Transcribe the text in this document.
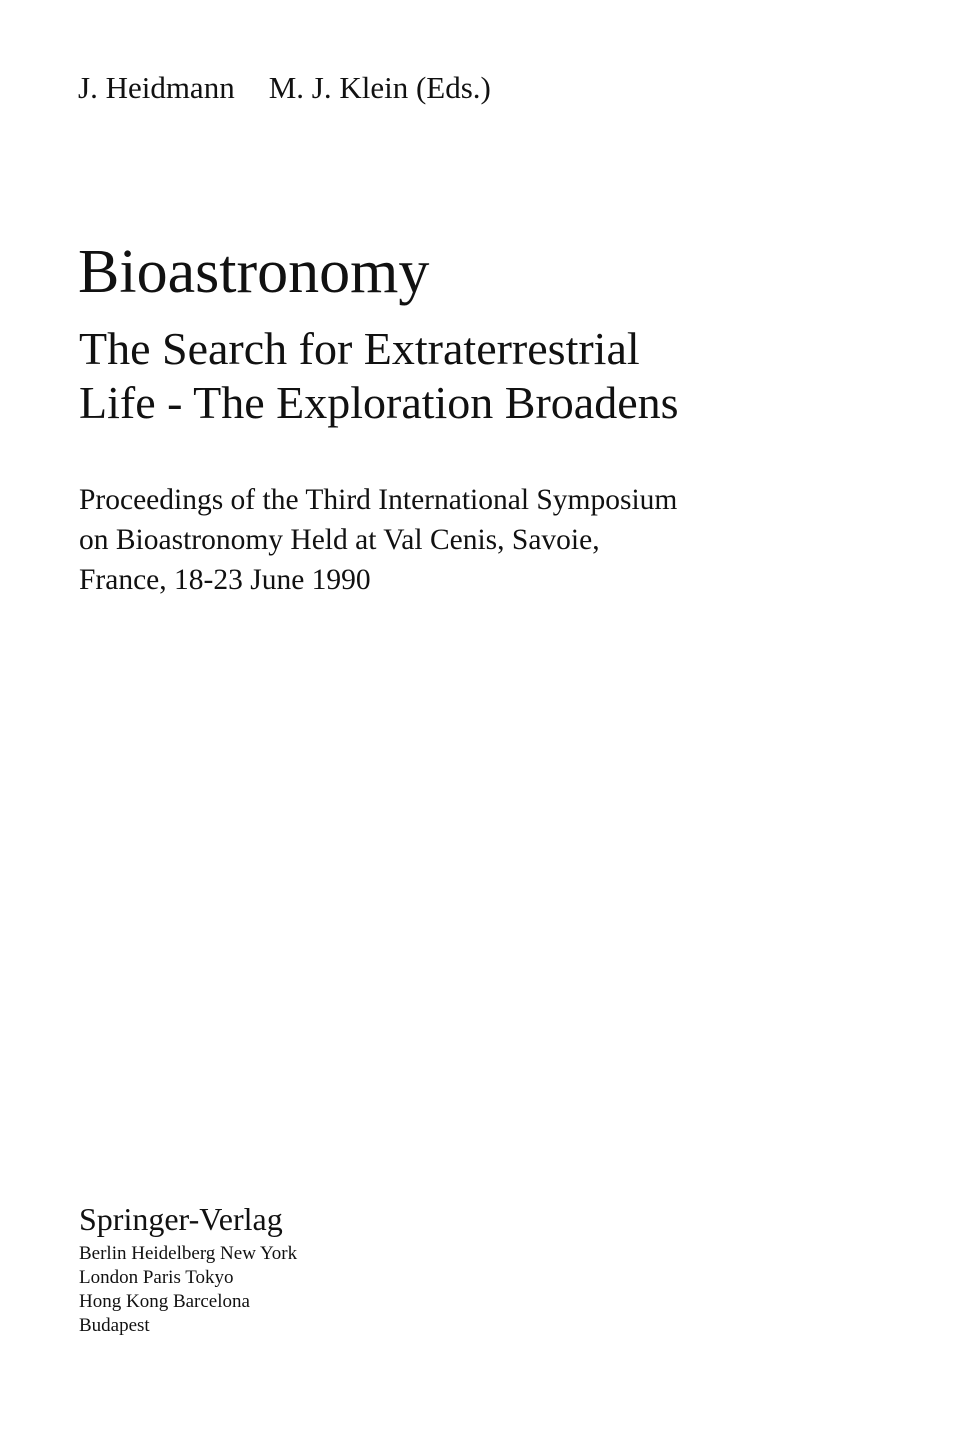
J. Heidmann M. J. Klein (Eds.)
Bioastronomy
The Search for Extraterrestrial
Life - The Exploration Broadens

Proceedings of the Third International Symposium
on Bioastronomy Held at Val Cenis, Savoie,
France, 18-23 June 1990

Springer-Verlag
Berlin Heidelberg New York
London Paris Tokyo
Hong Kong Barcelona
Budapest
